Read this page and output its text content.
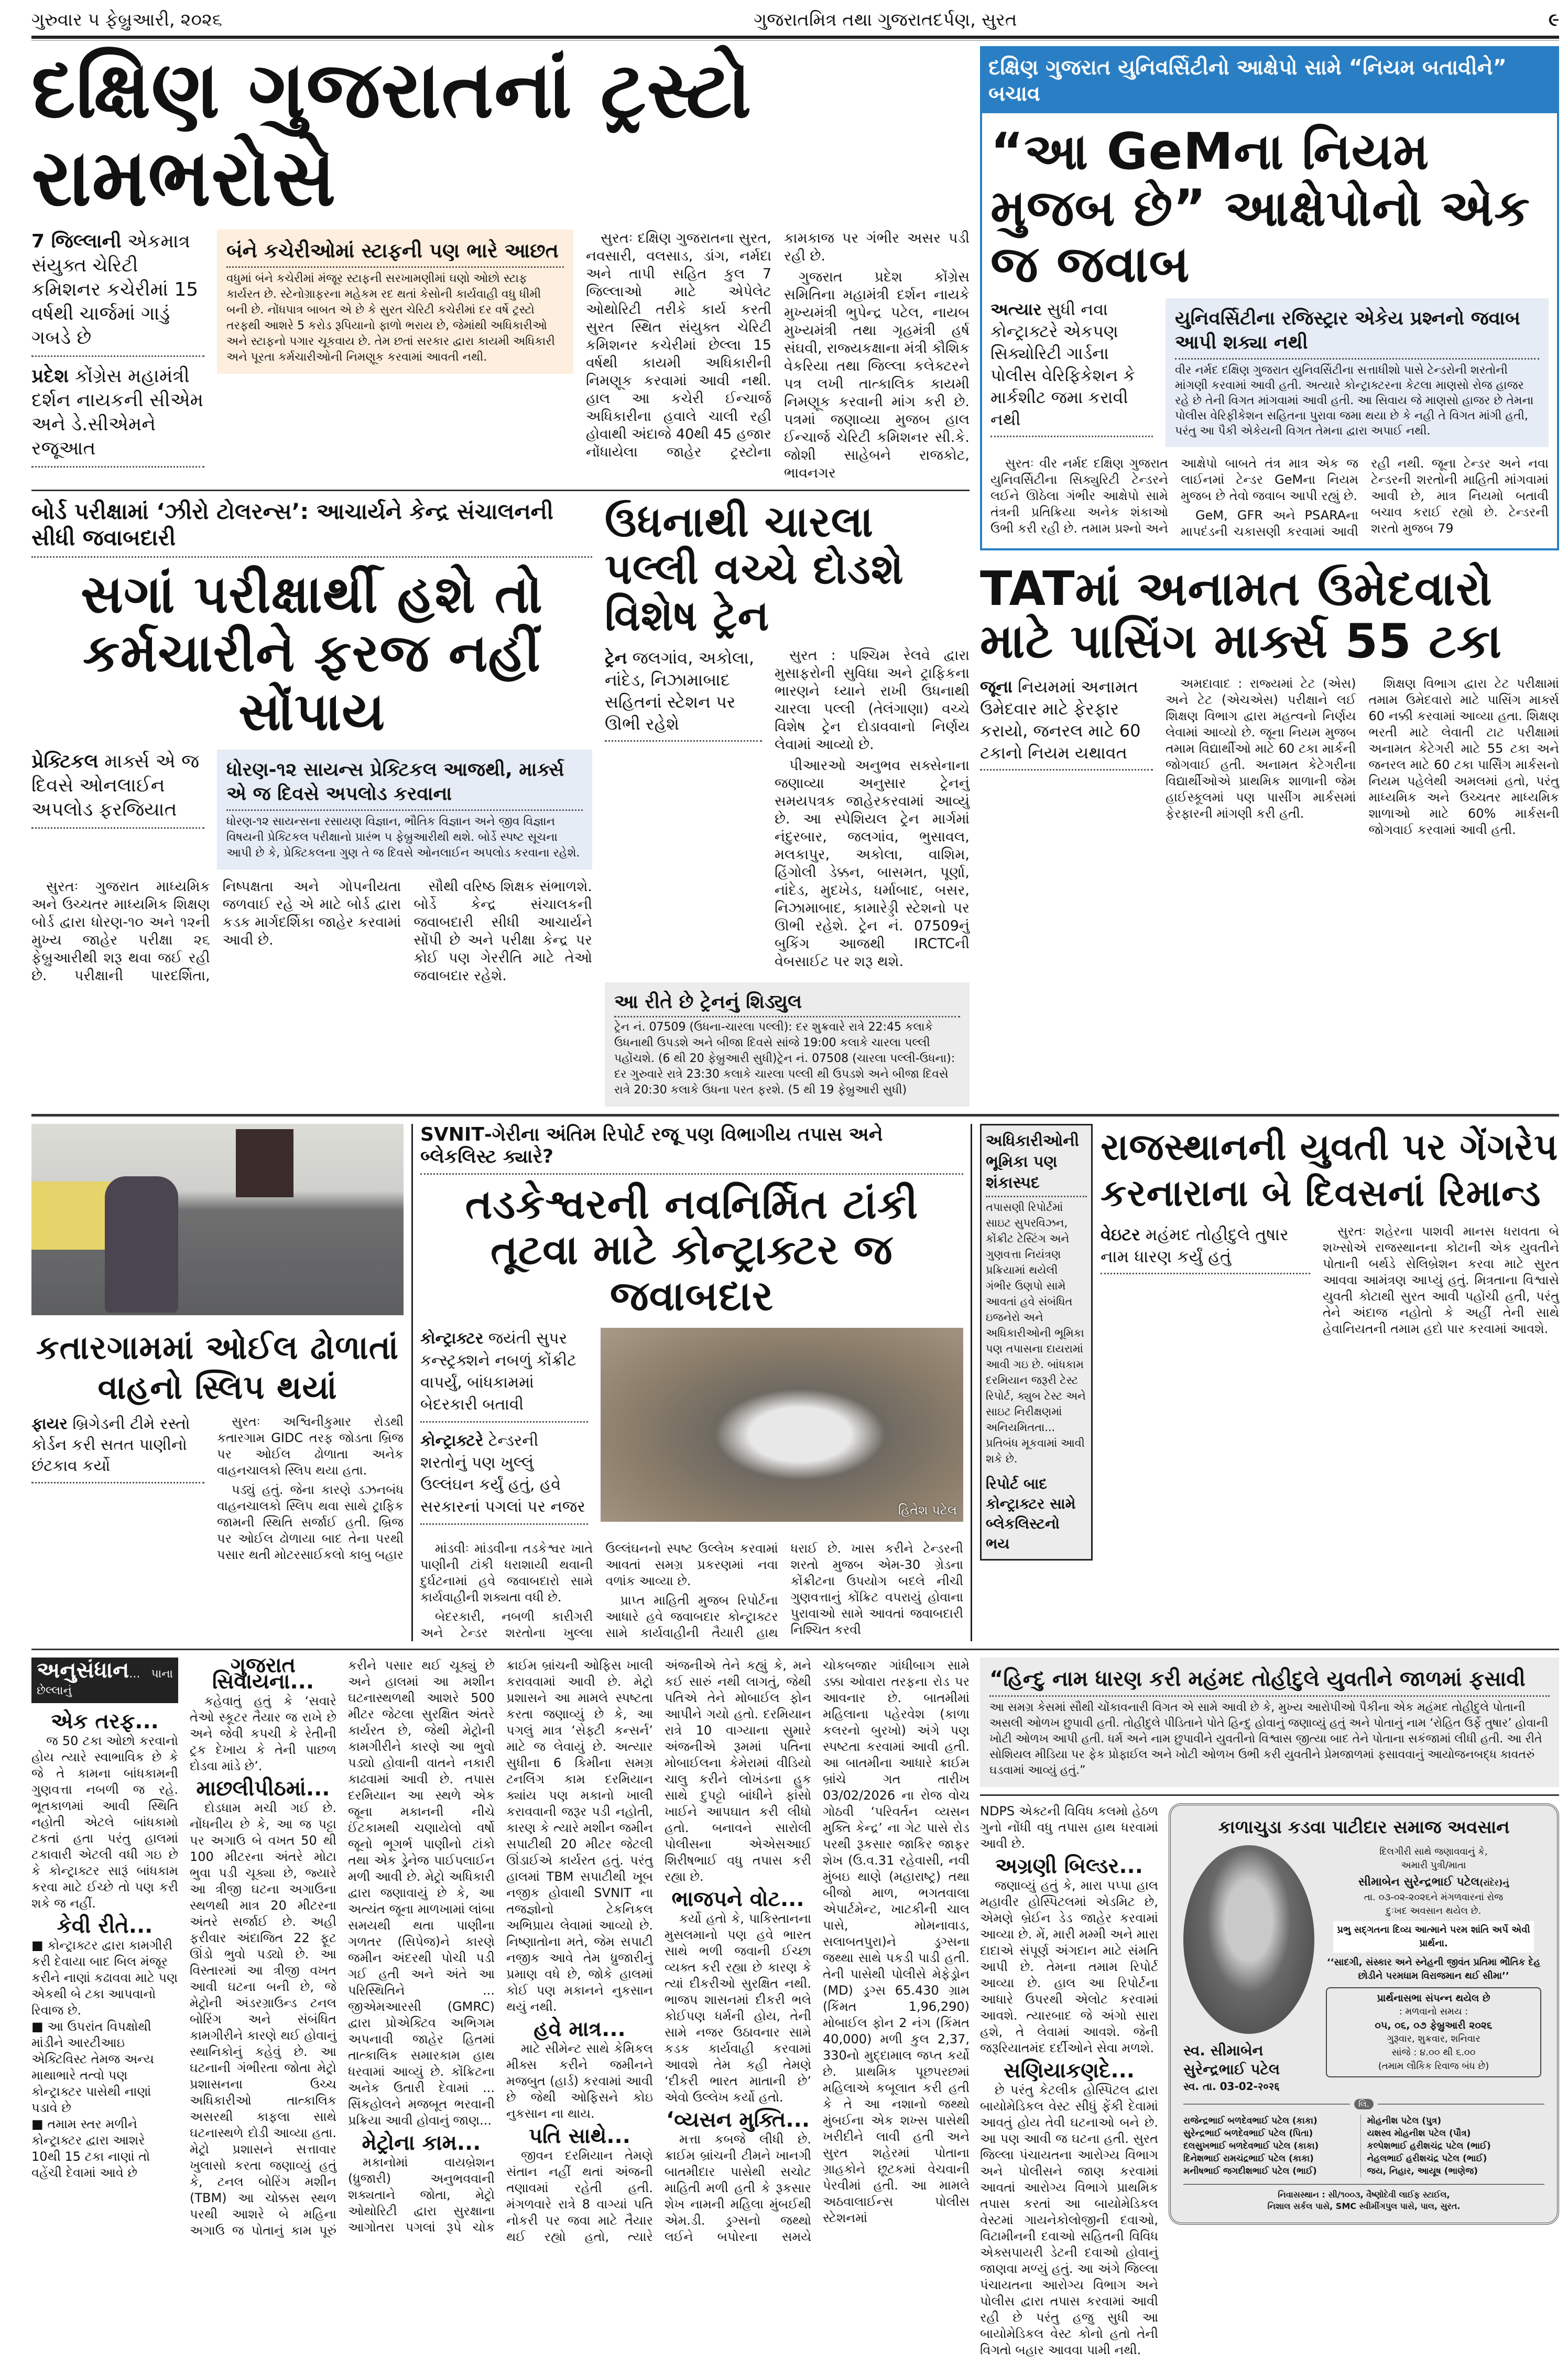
ગુરુવાર ૫ ફેબ્રુઆરી, ૨૦૨૬	ગુજરાતમિત્ર તથા ગુજરાતદર્પણ, સુરત	૯
દક્ષિણ ગુજરાતનાં ટ્રસ્ટો રામભરોસે
7 જિલ્લાની એકમાત્ર સંયુક્ત ચેરિટી કમિશનર કચેરીમાં 15 વર્ષથી ચાર્જમાં ગાડું ગબડે છે
પ્રદેશ કોંગ્રેસ મહામંત્રી દર્શન નાયકની સીએમ અને ડે.સીએમને રજૂઆત
બંને કચેરીઓમાં સ્ટાફની પણ ભારે આછત
વધુમાં બંને કચેરીમાં મંજૂર સ્ટાફની સરખામણીમાં ઘણો ઓછો સ્ટાફ કાર્યરત છે. સ્ટેનોગ્રાફરના મહેકમ રદ થતાં કેસોની કાર્યવાહી વધુ ધીમી બની છે. નોંધપાત્ર બાબત એ છે કે સુરત ચેરિટી કચેરીમાં દર વર્ષે ટ્રસ્ટો તરફથી આશરે 5 કરોડ રૂપિયાનો ફાળો ભરાય છે, જેમાંથી અધિકારીઓ અને સ્ટાફનો પગાર ચૂકવાય છે. તેમ છતાં સરકાર દ્વારા કાયમી અધિકારી અને પૂરતા કર્મચારીઓની નિમણૂક કરવામાં આવતી નથી.

સુરતઃ દક્ષિણ ગુજરાતના સુરત, નવસારી, વલસાડ, ડાંગ, નર્મદા અને તાપી સહિત કુલ 7 જિલ્લાઓ માટે એપેલેટ ઓથોરિટી તરીકે કાર્ય કરતી સુરત સ્થિત સંયુક્ત ચેરિટી કમિશનર કચેરીમાં છેલ્લા 15 વર્ષથી કાયમી અધિકારીની નિમણૂક કરવામાં આવી નથી. હાલ આ કચેરી ઈન્ચાર્જ અધિકારીના હવાલે ચાલી રહી હોવાથી અંદાજે 40થી 45 હજાર નોંધાયેલા જાહેર ટ્રસ્ટોના કામકાજ પર ગંભીર અસર પડી રહી છે.

ગુજરાત પ્રદેશ કોંગ્રેસ સમિતિના મહામંત્રી દર્શન નાયકે મુખ્યમંત્રી ભુપેન્દ્ર પટેલ, નાયબ મુખ્યમંત્રી તથા ગૃહમંત્રી હર્ષ સંઘવી, રાજ્યકક્ષાના મંત્રી કૌશિક વેકરિયા તથા જિલ્લા કલેક્ટરને પત્ર લખી તાત્કાલિક કાયમી નિમણૂક કરવાની માંગ કરી છે. પત્રમાં જણાવ્યા મુજબ હાલ ઈન્ચાર્જ ચેરિટી કમિશનર સી.કે. જોશી સાહેબને રાજકોટ, ભાવનગર

બોર્ડ પરીક્ષામાં ‘ઝીરો ટોલરન્સ’: આચાર્યને કેન્દ્ર સંચાલનની સીધી જવાબદારી
સગાં પરીક્ષાર્થી હશે તો કર્મચારીને ફરજ નહીં સોંપાય
પ્રેક્ટિકલ માર્ક્સ એ જ દિવસે ઓનલાઈન અપલોડ ફરજિયાત
ધોરણ-૧૨ સાયન્સ પ્રેક્ટિકલ આજથી, માર્ક્સ એ જ દિવસે અપલોડ કરવાના
ધોરણ-૧૨ સાયન્સના રસાયણ વિજ્ઞાન, ભૌતિક વિજ્ઞાન અને જીવ વિજ્ઞાન વિષયની પ્રેક્ટિકલ પરીક્ષાનો પ્રારંભ ૫ ફેબ્રુઆરીથી થશે. બોર્ડે સ્પષ્ટ સૂચના આપી છે કે, પ્રેક્ટિકલના ગુણ તે જ દિવસે ઓનલાઈન અપલોડ કરવાના રહેશે.

સુરતઃ ગુજરાત માધ્યમિક અને ઉચ્ચતર માધ્યમિક શિક્ષણ બોર્ડ દ્વારા ધોરણ-૧૦ અને ૧૨ની મુખ્ય જાહેર પરીક્ષા ૨૬ ફેબ્રુઆરીથી શરૂ થવા જઈ રહી છે. પરીક્ષાની પારદર્શિતા, નિષ્પક્ષતા અને ગોપનીયતા જળવાઈ રહે એ માટે બોર્ડ દ્વારા કડક માર્ગદર્શિકા જાહેર કરવામાં આવી છે.

સૌથી વરિષ્ઠ શિક્ષક સંભાળશે. બોર્ડે કેન્દ્ર સંચાલકની જવાબદારી સીધી આચાર્યને સોંપી છે અને પરીક્ષા કેન્દ્ર પર કોઈ પણ ગેરરીતિ માટે તેઓ જવાબદાર રહેશે.

ઉધનાથી ચારલા પલ્લી વચ્ચે દોડશે વિશેષ ટ્રેન
ટ્રેન જલગાંવ, અકોલા, નાંદેડ, નિઝામાબાદ સહિતનાં સ્ટેશન પર ઊભી રહેશે

સુરત : પશ્ચિમ રેલવે દ્વારા મુસાફરોની સુવિધા અને ટ્રાફિકના ભારણને ધ્યાને રાખી ઉધનાથી ચારલા પલ્લી (તેલંગાણા) વચ્ચે વિશેષ ટ્રેન દોડાવવાનો નિર્ણય લેવામાં આવ્યો છે.

પીઆરઓ અનુભવ સક્સેનાના જણાવ્યા અનુસાર ટ્રેનનું સમયપત્રક જાહેરકરવામાં આવ્યું છે. આ સ્પેશિયલ ટ્રેન માર્ગમાં નંદુરબાર, જલગાંવ, ભુસાવલ, મલકાપુર, અકોલા, વાશિમ, હિંગોલી ડેક્કન, બાસમત, પૂર્ણા, નાંદેડ, મુદખેડ, ધર્માબાદ, બસર, નિઝામાબાદ, કામારેડ્ડી સ્ટેશનો પર ઊભી રહેશે. ટ્રેન નં. 07509નું બુકિંગ આજથી IRCTCની વેબસાઈટ પર શરૂ થશે.

આ રીતે છે ટ્રેનનું શિડ્યુલ
ટ્રેન નં. 07509 (ઉધના-ચારલા પલ્લી): દર શુક્રવારે રાત્રે 22:45 કલાકે ઉધનાથી ઉપડશે અને બીજા દિવસે સાંજે 19:00 કલાકે ચારલા પલ્લી પહોંચશે. (6 થી 20 ફેબ્રુઆરી સુધી)ટ્રેન નં. 07508 (ચારલા પલ્લી-ઉધના): દર ગુરુવારે રાત્રે 23:30 કલાકે ચારલા પલ્લી થી ઉપડશે અને બીજા દિવસે રાત્રે 20:30 કલાકે ઉધના પરત ફરશે. (5 થી 19 ફેબ્રુઆરી સુધી)
દક્ષિણ ગુજરાત યુનિવર્સિટીનો આક્ષેપો સામે “નિયમ બતાવીને” બચાવ
“આ GeMના નિયમ મુજબ છે” આક્ષેપોનો એક જ જવાબ
અત્યાર સુધી નવા કોન્ટ્રાક્ટરે એકપણ સિક્યોરિટી ગાર્ડના પોલીસ વેરિફિકેશન કે માર્કશીટ જમા કરાવી નથી
યુનિવર્સિટીના રજિસ્ટ્રાર એકેય પ્રશ્નનો જવાબ આપી શક્યા નથી
વીર નર્મદ દક્ષિણ ગુજરાત યુનિવર્સિટીના સત્તાધીશો પાસે ટેન્ડરોની શરતોની માંગણી કરવામાં આવી હતી. અત્યારે કોન્ટ્રાક્ટરના કેટલા માણસો રોજ હાજર રહે છે તેની વિગત માંગવામાં આવી હતી. આ સિવાય જે માણસો હાજર છે તેમના પોલીસ વેરિફીકેશન સહિતના પુરાવા જમા થયા છે કે નહી તે વિગત માંગી હતી, પરંતુ આ પૈકી એકેયની વિગત તેમના દ્વારા અપાઈ નથી.

સુરતઃ વીર નર્મદ દક્ષિણ ગુજરાત યુનિવર્સિટીના સિક્યુરિટી ટેન્ડરને લઈને ઊઠેલા ગંભીર આક્ષેપો સામે તંત્રની પ્રતિક્રિયા અનેક શંકાઓ ઉભી કરી રહી છે. તમામ પ્રશ્નો અને આક્ષેપો બાબતે તંત્ર માત્ર એક જ લાઈનમાં ટેન્ડર GeMના નિયમ મુજબ છે તેવો જવાબ આપી રહ્યું છે.

GeM, GFR અને PSARAના માપદંડની ચકાસણી કરવામાં આવી રહી નથી. જૂના ટેન્ડર અને નવા ટેન્ડરની શરતોની માહિતી માંગવામાં આવી છે, માત્ર નિયમો બતાવી બચાવ કરાઈ રહ્યો છે. ટેન્ડરની શરતો મુજબ 79

TATમાં અનામત ઉમેદવારો માટે પાસિંગ માર્ક્સ 55 ટકા
જૂના નિયમમાં અનામત ઉમેદવાર માટે ફેરફાર કરાયો, જનરલ માટે 60 ટકાનો નિયમ યથાવત

અમદાવાદ : રાજ્યમાં ટેટ (એસ) અને ટેટ (એચએસ) પરીક્ષાને લઈ શિક્ષણ વિભાગ દ્વારા મહત્વનો નિર્ણય લેવામાં આવ્યો છે. જૂના નિયમ મુજબ તમામ વિદ્યાર્થીઓ માટે 60 ટકા માર્કની જોગવાઈ હતી. અનામત કેટેગરીના વિદ્યાર્થીઓએ પ્રાથમિક શાળાની જેમ હાઈસ્કૂલમાં પણ પાસીંગ માર્કસમાં ફેરફારની માંગણી કરી હતી.

શિક્ષણ વિભાગ દ્વારા ટેટ પરીક્ષામાં તમામ ઉમેદવારો માટે પાસિંગ માર્ક્સ 60 નક્કી કરવામાં આવ્યા હતા. શિક્ષણ ભરતી માટે લેવાતી ટાટ પરીક્ષામાં અનામત કેટેગરી માટે 55 ટકા અને જનરલ માટે 60 ટકા પાર્સિંગ માર્કસનો નિયમ પહેલેથી અમલમાં હતો, પરંતુ માધ્યમિક અને ઉચ્ચતર માધ્યમિક શાળાઓ માટે 60% માર્કસની જોગવાઈ કરવામાં આવી હતી.

કતારગામમાં ઓઈલ ઢોળાતાં વાહનો સ્લિપ થયાં
ફાયર બ્રિગેડની ટીમે રસ્તો કોર્ડન કરી સતત પાણીનો છંટકાવ કર્યો

સુરતઃ અશ્વિનીકુમાર રોડથી કતારગામ GIDC તરફ જોડતા બ્રિજ પર ઓઈલ ઢોળાતા અનેક વાહનચાલકો સ્લિપ થયા હતા.

પડ્યું હતું. જેના કારણે ડઝનબંધ વાહનચાલકો સ્લિપ થવા સાથે ટ્રાફિક જામની સ્થિતિ સર્જાઈ હતી. બ્રિજ પર ઓઈલ ઢોળાયા બાદ તેના પરથી પસાર થતી મોટરસાઈકલો કાબુ બહાર

SVNIT-ગેરીના અંતિમ રિપોર્ટ રજૂ પણ વિભાગીય તપાસ અને બ્લેકલિસ્ટ ક્યારે?
તડકેશ્વરની નવનિર્મિત ટાંકી તૂટવા માટે કોન્ટ્રાક્ટર જ જવાબદાર
કોન્ટ્રાક્ટર જયંતી સુપર કન્સ્ટ્રક્શને નબળું કોંક્રીટ વાપર્યું, બાંધકામમાં બેદરકારી બતાવી
કોન્ટ્રાક્ટરે ટેન્ડરની શરતોનું પણ ખુલ્લું ઉલ્લંઘન કર્યું હતું, હવે સરકારનાં પગલાં પર નજર	હિતેશ પટેલ

માંડવીઃ માંડવીના તડકેશ્વર ખાતે પાણીની ટાંકી ધરાશાયી થવાની દુર્ઘટનામાં હવે જવાબદારો સામે કાર્યવાહીની શક્યતા વધી છે.

બેદરકારી, નબળી કારીગરી અને ટેન્ડર શરતોના ખુલ્લા ઉલ્લંઘનનો સ્પષ્ટ ઉલ્લેખ કરવામાં આવતાં સમગ્ર પ્રકરણમાં નવા વળાંક આવ્યા છે.

પ્રાપ્ત માહિતી મુજબ રિપોર્ટના આધારે હવે જવાબદાર કોન્ટ્રાક્ટર સામે કાર્યવાહીની તૈયારી હાથ ધરાઈ છે. ખાસ કરીને ટેન્ડરની શરતો મુજબ એમ-30 ગ્રેડના કોંક્રીટના ઉપયોગ બદલે નીચી ગુણવત્તાનું કોંક્રિટ વપરાયું હોવાના પુરાવાઓ સામે આવતાં જવાબદારી નિશ્ચિત કરવી

અધિકારીઓની ભૂમિકા પણ શંકાસ્પદ
તપાસણી રિપોર્ટમાં સાઇટ સુપરવિઝન, કોંક્રીટ ટેસ્ટિંગ અને ગુણવત્તા નિયંત્રણ પ્રક્રિયામાં થયેલી ગંભીર ઉણપો સામે આવતાં હવે સંબંધિત ઇજનેરો અને અધિકારીઓની ભૂમિકા પણ તપાસના દાયરામાં આવી ગઇ છે. બાંધકામ દરમિયાન જરૂરી ટેસ્ટ રિપોર્ટ, ક્યુબ ટેસ્ટ અને સાઇટ નિરીક્ષણમાં અનિયમિતતા... પ્રતિબંધ મૂકવામાં આવી શકે છે.
રિપોર્ટ બાદ કોન્ટ્રાક્ટર સામે બ્લેકલિસ્ટનો ભય
રાજસ્થાનની યુવતી પર ગેંગરેપ કરનારાના બે દિવસનાં રિમાન્ડ
વેઇટર મહંમદ તોહીદુલે તુષાર નામ ધારણ કર્યું હતું

સુરતઃ શહેરના પાશવી માનસ ધરાવતા બે શખ્સોએ રાજસ્થાનના કોટાની એક યુવતીને પોતાની બર્થડે સેલિબ્રેશન કરવા માટે સુરત આવવા આમંત્રણ આપ્યું હતું. મિત્રતાના વિશ્વાસે યુવતી કોટાથી સુરત આવી પહોંચી હતી, પરંતુ તેને અંદાજ નહોતો કે અહીં તેની સાથે હેવાનિયતની તમામ હદો પાર કરવામાં આવશે.

અનુસંધાન... પાના છેલ્લાનું
એક તરફ...

જ 50 ટકા ઓછો કરવાનો હોય ત્યારે સ્વાભાવિક છે કે જે તે કામના બાંધકામની ગુણવત્તા નબળી જ રહે. ભૂતકાળમાં આવી સ્થિતિ નહોતી એટલે બાંધકામો ટકતાં હતા પરંતુ હાલમાં ટકાવારી એટલી વધી ગઇ છે કે કોન્ટ્રાક્ટર સારૂં બાંધકામ કરવા માટે ઈચ્છે તો પણ કરી શકે જ નહીં.

કેવી રીતે...
■ કોન્ટ્રાક્ટર દ્વારા કામગીરી કરી દેવાયા બાદ બિલ મંજૂર કરીને નાણાં કઢાવવા માટે પણ એકથી બે ટકા આપવાનો રિવાજ છે.
■ આ ઉપરાંત વિપક્ષોથી માંડીને આરટીઆઇ એક્ટિવિસ્ટ તેમજ અન્ય માથાભારે તત્વો પણ કોન્ટ્રાક્ટર પાસેથી નાણાં પડાવે છે
■ તમામ સ્તર મળીને કોન્ટ્રાક્ટર દ્વારા આશરે 10થી 15 ટકા નાણાં તો વહેંચી દેવામાં આવે છે
ગુજરાત સિવાયના...

કહેવાતું હતું કે ‘સવારે તેઓ સ્કૂટર તૈયાર જ રાખે છે અને જેવી કપચી કે રેતીની ટ્રક દેખાય કે તેની પાછળ દોડવા માંડે છે’.

માછલીપીઠમાં...

દોડધામ મચી ગઈ છે. નોંધનીય છે કે, આ જ પટ્ટા પર અગાઉ બે વખત 50 થી 100 મીટરના અંતરે મોટા ભુવા પડી ચૂક્યા છે, જ્યારે આ ત્રીજી ઘટના અગાઉના સ્થળથી માત્ર 20 મીટરના અંતરે સર્જાઈ છે. અહી ફરીવાર અંદાજિત 22 ફૂટ ઊંડો ભુવો પડ્યો છે. આ વિસ્તારમાં આ ત્રીજી વખત આવી ઘટના બની છે, જે મેટ્રોની અંડરગ્રાઉન્ડ ટનલ બોરિંગ અને સંબંધિત કામગીરીને કારણે થઈ હોવાનું સ્થાનિકોનું કહેવું છે. આ ઘટનાની ગંભીરતા જોતા મેટ્રો પ્રશાસનના ઉચ્ચ અધિકારીઓ તાત્કાલિક અસરથી કાફલા સાથે ઘટનાસ્થળે દોડી આવ્યા હતા. મેટ્રો પ્રશાસને સત્તાવાર ખુલાસો કરતા જણાવ્યું હતું કે, ટનલ બોરિંગ મશીન (TBM) આ ચોક્કસ સ્થળ પરથી આશરે બે મહિના અગાઉ જ પોતાનું કામ પૂરું કરીને પસાર થઈ ચૂક્યું છે અને હાલમાં આ મશીન ઘટનાસ્થળથી આશરે 500 મીટર જેટલા સુરક્ષિત અંતરે કાર્યરત છે, જેથી મેટ્રોની કામગીરીને કારણે આ ભુવો પડ્યો હોવાની વાતને નકારી કાઢવામાં આવી છે. તપાસ દરમિયાન આ સ્થળે એક જૂના મકાનની નીચે ઈંટકામથી ચણાયેલો વર્ષો જૂનો ભૂગર્ભ પાણીનો ટાંકો તથા એક ડ્રેનેજ પાઈપલાઈન મળી આવી છે. મેટ્રો અધિકારી દ્વારા જણાવાયું છે કે, આ અત્યંત જૂના માળખામાં લાંબા સમયથી થતા પાણીના ગળતર (સિપેજ)ને કારણે જમીન અંદરથી પોચી પડી ગઈ હતી અને અંતે આ પરિસ્થિતિને ... જીએમઆરસી (GMRC) દ્વારા પ્રોએક્ટિવ અભિગમ અપનાવી જાહેર હિતમાં તાત્કાલિક સમારકામ હાથ ધરવામાં આવ્યું છે. કોંક્રિટના અનેક ઉતારી દેવામાં ... સિંકહોલને મજબૂત ભરવાની પ્રક્રિયા આવી હોવાનું જાણ...

મેટ્રોના કામ...

મકાનોમાં વાયબ્રેશન (ધ્રુજારી) અનુભવવાની શક્યતાને જોતા, મેટ્રો ઓથોરિટી દ્વારા સુરક્ષાના આગોતરા પગલાં રૂપે ચોક ક્રાઈમ બ્રાંચની ઓફિસ ખાલી કરાવવામાં આવી છે. મેટ્રો પ્રશાસને આ મામલે સ્પષ્ટતા કરતા જણાવ્યું છે કે, આ પગલું માત્ર ‘સેફ્ટી કન્સર્ન’ માટે જ લેવાયું છે. અત્યાર સુધીના 6 કિમીના સમગ્ર ટનલિંગ કામ દરમિયાન ક્યાંય પણ મકાનો ખાલી કરાવવાની જરૂર પડી નહોતી, કારણ કે ત્યારે મશીન જમીન સપાટીથી 20 મીટર જેટલી ઊંડાઈએ કાર્યરત હતું. પરંતુ હાલમાં TBM સપાટીથી ખૂબ નજીક હોવાથી SVNIT ના તજજ્ઞોનો ટેકનિકલ અભિપ્રાય લેવામાં આવ્યો છે. નિષ્ણાતોના મતે, જેમ સપાટી નજીક આવે તેમ ધ્રુજારીનું પ્રમાણ વધે છે, જોકે હાલમાં કોઈ પણ મકાનને નુકસાન થયું નથી.

હવે માત્ર...

માટે સીમેન્ટ સાથે કેમિકલ મીક્સ કરીને જમીનને મજબુત (હાર્ડ) કરવામાં આવી છે જેથી ઓફિસને કોઇ નુકસાન ના થાય.

પતિ સાથે...

જીવન દરમિયાન તેમણે સંતાન નહીં થતાં અંજની તણાવમાં રહેતી હતી. મંગળવારે રાત્રે 8 વાગ્યાં પતિ નોકરી પર જવા માટે તૈયાર થઈ રહ્યો હતો, ત્યારે અંજનીએ તેને કહ્યું કે, મને કઈ સારું નથી લાગતું, જેથી પતિએ તેને મોબાઈલ ફોન આપીને ગયો હતો. દરમિયાન રાત્રે 10 વાગ્યાના સુમારે અંજનીએ રૂમમાં પતિના મોબાઈલના કેમેરામાં વીડિયો ચાલુ કરીને લોખંડના હુક સાથે દુપટ્ટો બાંધીને ફાંસો ખાઈને આપઘાત કરી લીધો હતો. બનાવને સારોલી પોલીસના એએસઆઈ શિરીષભાઈ વધુ તપાસ કરી રહ્યા છે.

ભાજપને વોટ...

કર્યો હતો કે, પાકિસ્તાનના મુસલમાનો પણ હવે ભારત સાથે ભળી જવાની ઈચ્છા વ્યક્ત કરી રહ્યા છે કારણ કે ત્યાં દીકરીઓ સુરક્ષિત નથી. ભાજપ શાસનમાં દીકરી ભલે કોઈપણ ધર્મની હોય, તેની સામે નજર ઉઠાવનાર સામે કડક કાર્યવાહી કરવામાં આવશે તેમ કહી તેમણે ‘દીકરી ભારત માતાની છે’ એવો ઉલ્લેખ કર્યો હતો.

‘વ્યસન મુક્તિ...

મત્તા કબજે લીધી છે. ક્રાઈમ બ્રાંચની ટીમને ખાનગી બાતમીદાર પાસેથી સચોટ માહિતી મળી હતી કે રૂકસાર શેખ નામની મહિલા મુંબઈથી એમ.ડી. ડ્રગ્સનો જથ્થો લઈને બપોરના સમયે ચોકબજાર ગાંધીબાગ સામે ડક્કા ઓવારા તરફના રોડ પર આવનાર છે. બાતમીમાં મહિલાના પહેરવેશ (કાળા કલરનો બુરખો) અંગે પણ સ્પષ્ટતા કરવામાં આવી હતી. આ બાતમીના આધારે ક્રાઈમ બ્રાંચે ગત તારીખ 03/02/2026 ના રોજ વોચ ગોઠવી ‘પરિવર્તન વ્યસન મુક્તિ કેન્દ્ર’ ના ગેટ પાસે રોડ પરથી રૂકસાર જાકિર જાફર શેખ (ઉ.વ.31 રહેવાસી, નવી મુંબઇ થાણે (મહારાષ્ટ્ર) તથા બીજો માળ, ભગતવાલા એપાર્ટમેન્ટ, ખાટકીની ચાલ પાસે, મોમનાવાડ, સલાબતપુરા)ને ડ્રગ્સના જથ્થા સાથે પકડી પાડી હતી. તેની પાસેથી પોલીસે મેફેડ્રોન (MD) ડ્રગ્સ 65.430 ગ્રામ (કિંમત 1,96,290) મોબાઈલ ફોન 2 નંગ (કિંમત 40,000) મળી કુલ 2,37, 330નો મુદ્દામાલ જપ્ત કર્યો છે. પ્રાથમિક પૂછપરછમાં મહિલાએ કબૂલાત કરી હતી કે તે આ નશાનો જથ્થો મુંબઈના એક શખ્સ પાસેથી ખરીદીને લાવી હતી અને સુરત શહેરમાં પોતાના ગ્રાહકોને છૂટકમાં વેચવાની પેરવીમાં હતી. આ મામલે અઠવાલાઈન્સ પોલીસ સ્ટેશનમાં

“હિન્દુ નામ ધારણ કરી મહંમદ તોહીદુલે યુવતીને જાળમાં ફસાવી
આ સમગ્ર કેસમાં સૌથી ચોંકાવનારી વિગત એ સામે આવી છે કે, મુખ્ય આરોપીઓ પૈકીના એક મહંમદ તોહીદુલે પોતાની અસલી ઓળખ છુપાવી હતી. તોહીદુલે પીડિતાને પોતે હિન્દુ હોવાનું જણાવ્યું હતું અને પોતાનું નામ ‘રોહિત ઉર્ફે તુષાર’ હોવાની ખોટી ઓળખ આપી હતી. ધર્મ અને નામ છુપાવીને યુવતીનો વિશ્વાસ જીત્યા બાદ તેને પોતાના સકંજામાં લીધી હતી. આ રીતે સોશિયલ મીડિયા પર ફેક પ્રોફાઈલ અને ખોટી ઓળખ ઉભી કરી યુવતીને પ્રેમજાળમાં ફસાવવાનું આયોજનબદ્ધ કાવતરું ઘડવામાં આવ્યું હતું.”

NDPS એક્ટની વિવિધ કલમો હેઠળ ગુનો નોંધી વધુ તપાસ હાથ ધરવામાં આવી છે.

અગ્રણી બિલ્ડર...

જણાવ્યું હતું કે, મારા પપ્પા હાલ મહાવીર હોસ્પિટલમાં એડમિટ છે, એમણે બ્રેઈન ડેડ જાહેર કરવામાં આવ્યા છે. મેં, મારી મમ્મી અને મારા દાદાએ સંપૂર્ણ અંગદાન માટે સંમતિ આપી છે. તેમના તમામ રિપોર્ટ આવ્યા છે. હાલ આ રિપોર્ટના આધારે ઉપરથી એલોટ કરવામાં આવશે. ત્યારબાદ જે અંગો સારા હશે, તે લેવામાં આવશે. જેની જરૂરિયાતમંદ દર્દીઓને સેવા મળશે.

સણિયાકણદે...

છે પરંતુ કેટલીક હોસ્પિટલ દ્વારા બાયોમેડિકલ વેસ્ટ સીધું ફેંકી દેવામાં આવતું હોય તેવી ઘટનાઓ બને છે. આ પણ આવી જ ઘટના હતી. સુરત જિલ્લા પંચાયતના આરોગ્ય વિભાગ અને પોલીસને જાણ કરવામાં આવતાં આરોગ્ય વિભાગે પ્રાથમિક તપાસ કરતાં આ બાયોમેડિકલ વેસ્ટમાં ગાયનેકોલોજીની દવાઓ, વિટામીનની દવાઓ સહિતની વિવિધ એક્સપાયરી ડેટની દવાઓ હોવાનું જાણવા મળ્યું હતું. આ અંગે જિલ્લા પંચાયતના આરોગ્ય વિભાગ અને પોલીસ દ્વારા તપાસ કરવામાં આવી રહી છે પરંતુ હજુ સુધી આ બાયોમેડિકલ વેસ્ટ કોનો હતો તેની વિગતો બહાર આવવા પામી નથી.

કાળાચુડા કડવા પાટીદાર સમાજ અવસાન
સ્વ. સીમાબેન
સુરેન્દ્રભાઈ પટેલ
સ્વ. તા. 03-02-२०२६
દિલગીરી સાથે જણાવવાનું કે,
અમારી પુત્રી/માતા
સીમાબેન સુરેન્દ્રભાઈ પટેલ(રાંદેર)નું
તા. ૦૩-૦૨-૨૦૨૬ને મંગળવારનાં રોજ
દુઃખદ અવસાન થયેલ છે.
પ્રભુ સદ્ગતના દિવ્ય આત્માને પરમ શાંતિ અર્પે એવી પ્રાર્થના.
‘‘સાદગી, સંસ્કાર અને સ્નેહની જીવંત પ્રતિમા ભૌતિક દેહ છોડીને પરમધામ વિરાજમાન થઈ સીમા’’
પ્રાર્થનાસભા સંપન્ન થયેલ છે
: મળવાનો સમય :
૦૫, ૦૬, ૦૭ ફેબ્રુઆરી ૨૦૨૬
ગુરૂવાર, શુક્રવાર, શનિવાર
સાંજે : ૪.૦૦ થી ૬.૦૦
(તમામ લૌકિક રિવાજ બંધ છે)
લિ.
રાજેન્દ્રભાઈ બળદેવભાઈ પટેલ (કાકા)
સુરેન્દ્રભાઈ બળદેવભાઈ પટેલ (પિતા)
દલસુખભાઈ બળદેવભાઈ પટેલ (કાકા)
દિનેશભાઈ રામચંદ્રભાઈ પટેલ (કાકા)
મનીષભાઈ જગદીશભાઈ પટેલ (ભાઈ)
મોહનીશ પટેલ (પુત્ર)
યશસ્વ મોહનીશ પટેલ (પૌત્ર)
કલ્પેશભાઈ હરીશચંદ્ર પટેલ (ભાઈ)
નેહલભાઈ હરીશચંદ્ર પટેલ (ભાઈ)
જય, નિહાર, આયૂષ (ભાણેજ)
નિવાસસ્થાન : સી/૧૦૦૩, વૈષ્ણોદેવી લાઈફ સ્ટાઈલ,
નિશાલ સર્કલ પાસે, SMC સ્વીમીંગપુલ પાસે, પાલ, સુરત.
